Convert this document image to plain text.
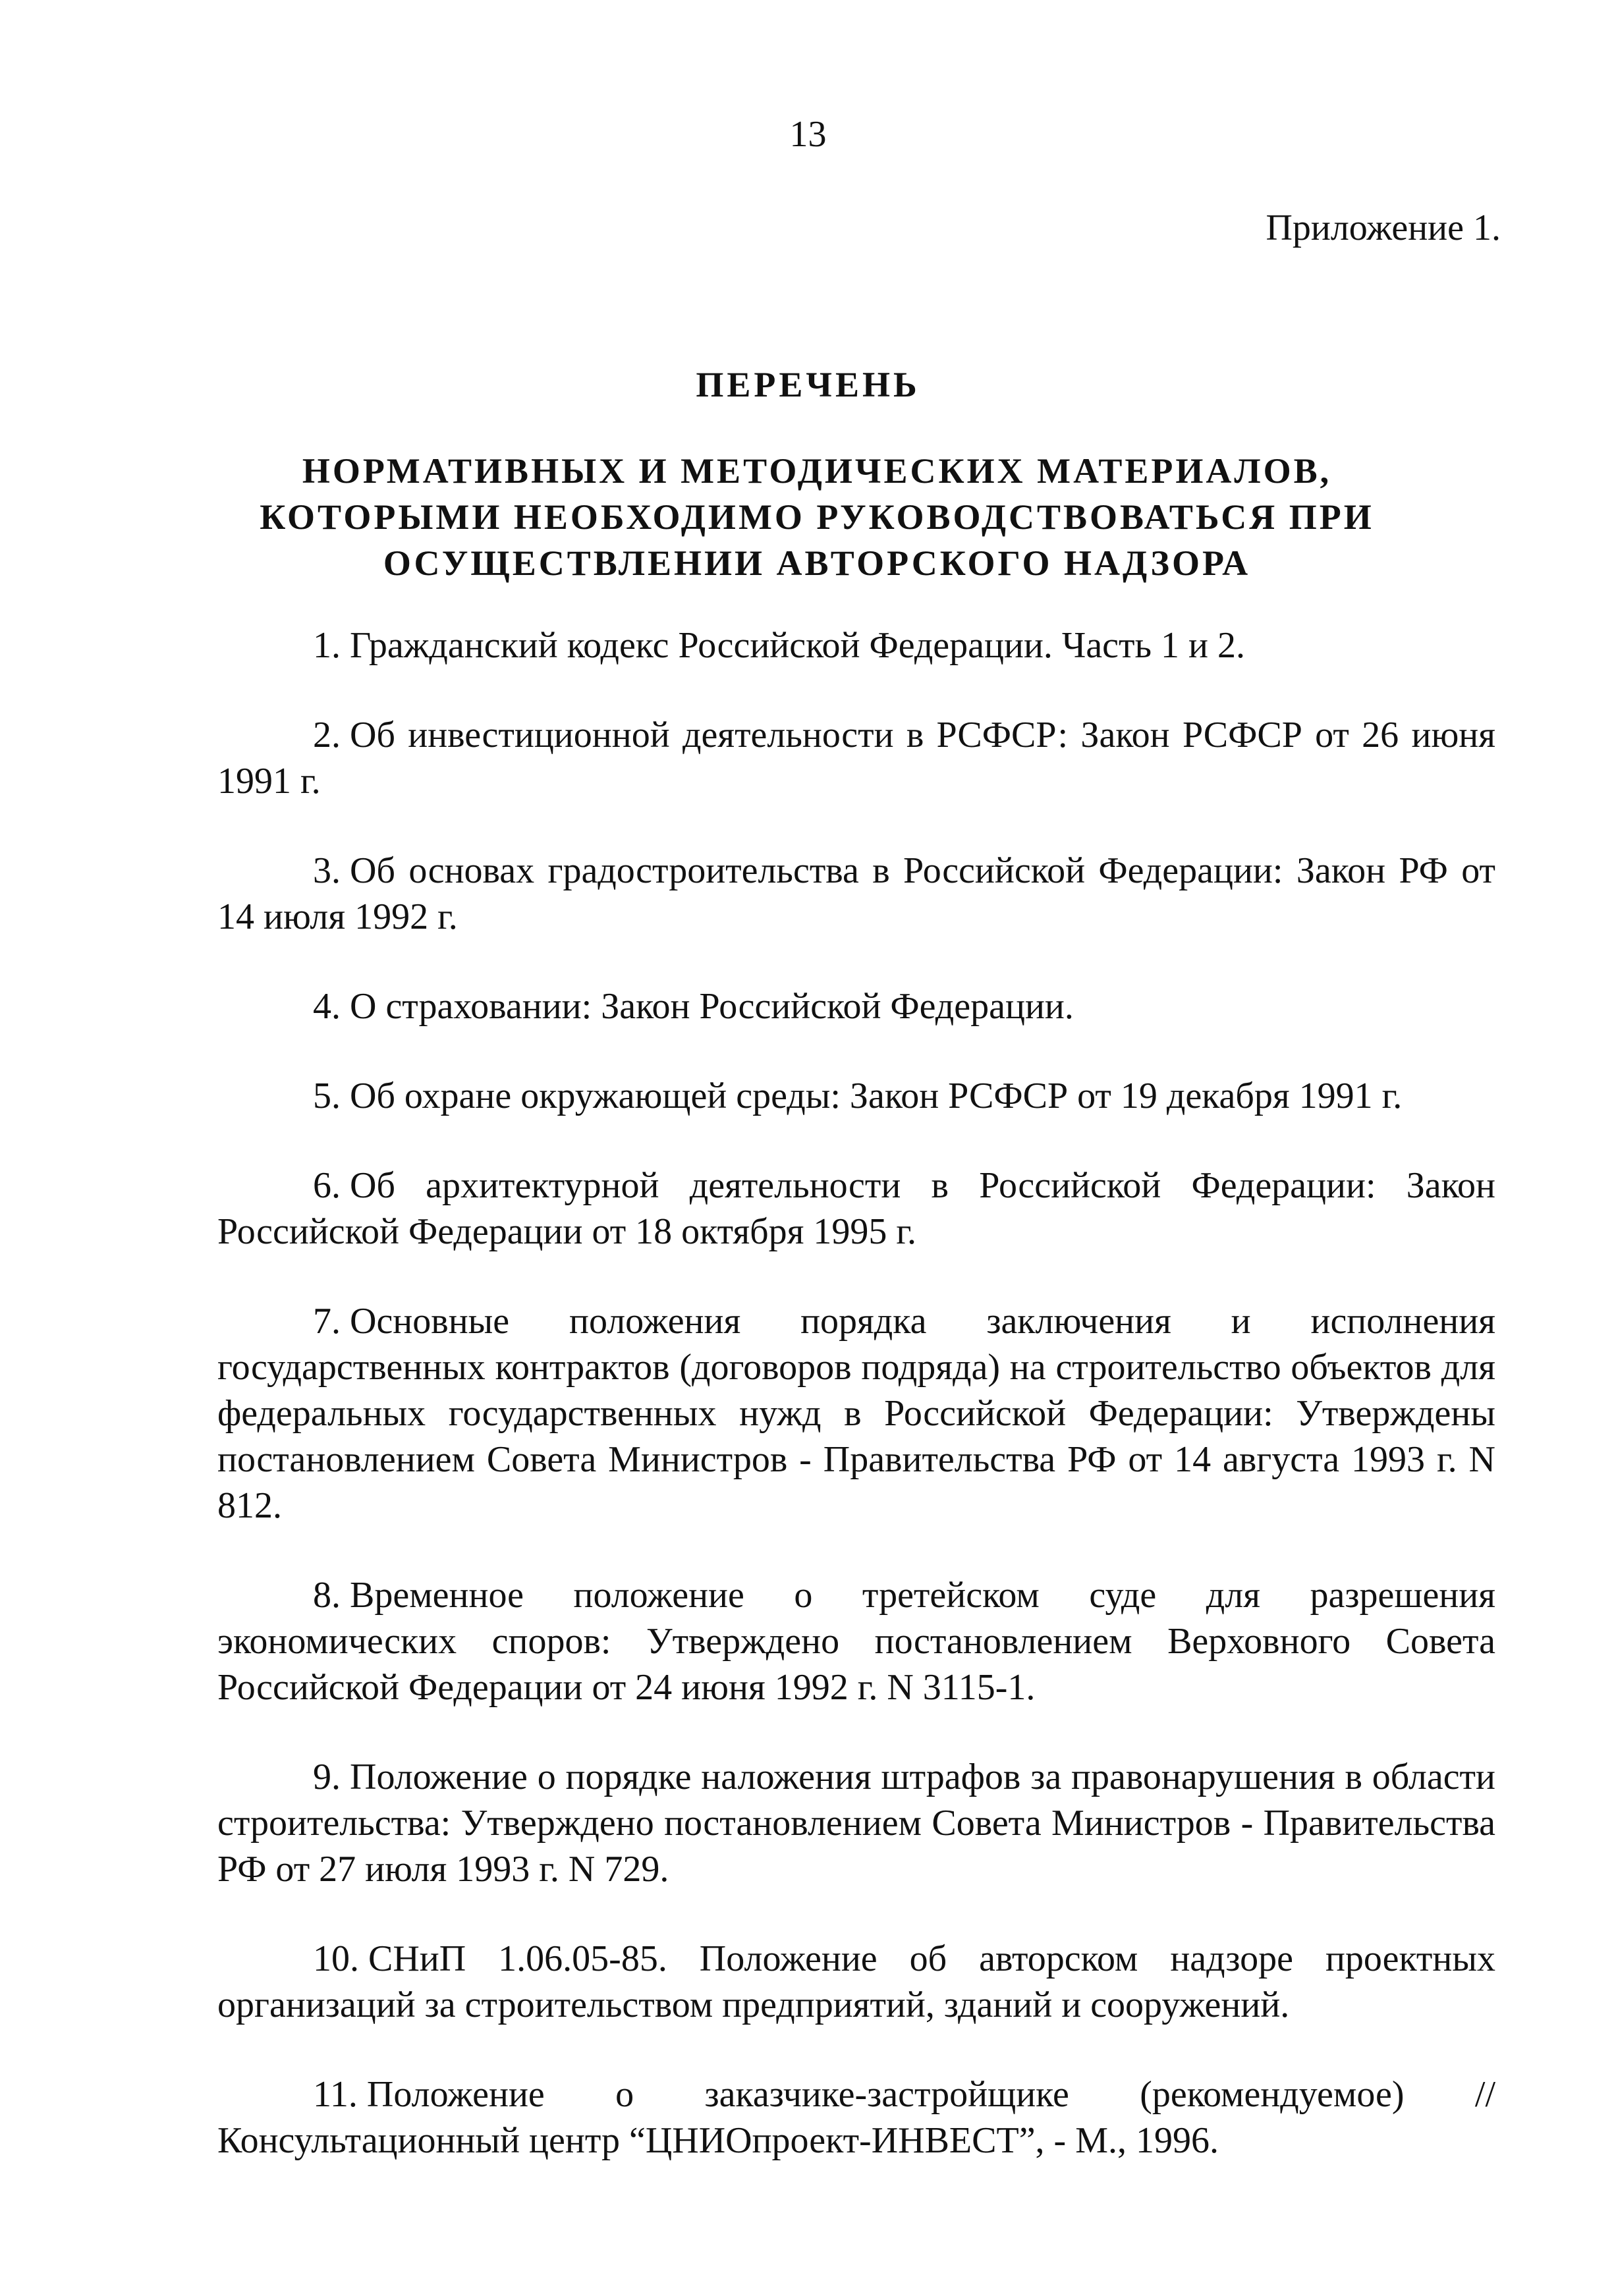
13
Приложение 1.
ПЕРЕЧЕНЬ
НОРМАТИВНЫХ И МЕТОДИЧЕСКИХ МАТЕРИАЛОВ,
КОТОРЫМИ НЕОБХОДИМО РУКОВОДСТВОВАТЬСЯ ПРИ
ОСУЩЕСТВЛЕНИИ АВТОРСКОГО НАДЗОРА

1. Гражданский кодекс Российской Федерации. Часть 1 и 2.

2. Об инвестиционной деятельности в РСФСР: Закон РСФСР от 26 июня 1991 г.

3. Об основах градостроительства в Российской Федерации: Закон РФ от 14 июля 1992 г.

4. О страховании: Закон Российской Федерации.

5. Об охране окружающей среды: Закон РСФСР от 19 декабря 1991 г.

6. Об архитектурной деятельности в Российской Федерации: Закон Российской Федерации от 18 октября 1995 г.

7. Основные положения порядка заключения и исполнения государственных контрактов (договоров подряда) на строительство объектов для федеральных государственных нужд в Российской Федерации: Утверждены постановлением Совета Министров - Правительства РФ от 14 августа 1993 г. N 812.

8. Временное положение о третейском суде для разрешения экономических споров: Утверждено постановлением Верховного Совета Российской Федерации от 24 июня 1992 г. N 3115-1.

9. Положение о порядке наложения штрафов за правонарушения в области строительства: Утверждено постановлением Совета Министров - Правительства РФ от 27 июля 1993 г. N 729.

10. СНиП 1.06.05-85. Положение об авторском надзоре проектных организаций за строительством предприятий, зданий и сооружений.

11. Положение о заказчике-застройщике (рекомендуемое) // Консультационный центр “ЦНИОпроект-ИНВЕСТ”, - М., 1996.
